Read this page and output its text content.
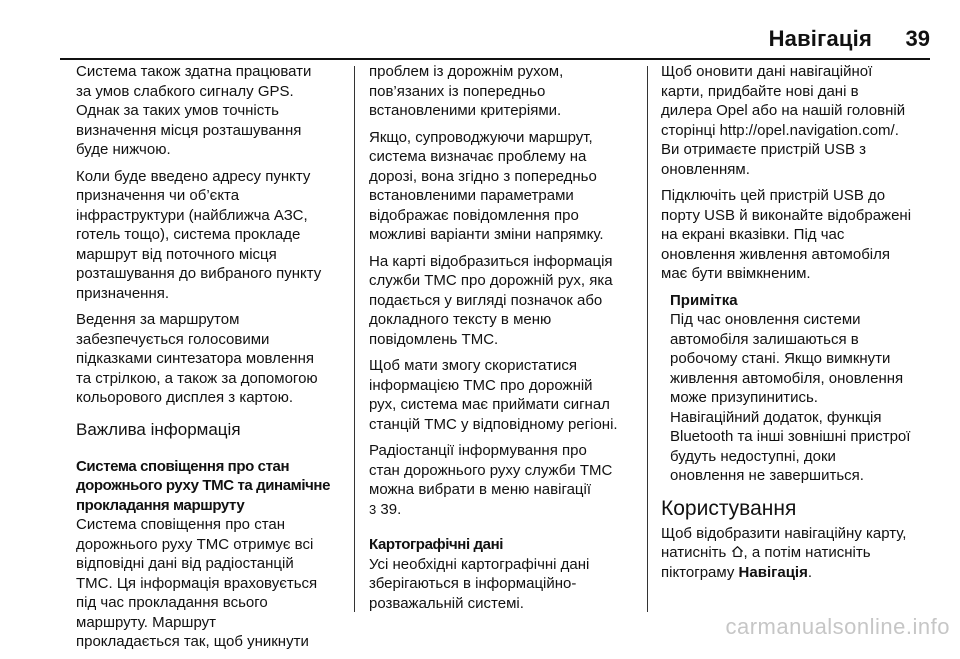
Навігація 39

Система також здатна працювати
за умов слабкого сигналу GPS.
Однак за таких умов точність
визначення місця розташування
буде нижчою.

Коли буде введено адресу пункту
призначення чи об’єкта
інфраструктури (найближча АЗС,
готель тощо), система прокладе
маршрут від поточного місця
розташування до вибраного пункту
призначення.

Ведення за маршрутом
забезпечується голосовими
підказками синтезатора мовлення
та стрілкою, а також за допомогою
кольорового дисплея з картою.

Важлива інформація
Система сповіщення про стан
дорожнього руху TMC та динамічне
прокладання маршруту

Система сповіщення про стан
дорожнього руху TMC отримує всі
відповідні дані від радіостанцій
TMC. Ця інформація враховується
під час прокладання всього
маршруту. Маршрут
прокладається так, щоб уникнути

проблем із дорожнім рухом,
пов’язаних із попередньо
встановленими критеріями.

Якщо, супроводжуючи маршрут,
система визначає проблему на
дорозі, вона згідно з попередньо
встановленими параметрами
відображає повідомлення про
можливі варіанти зміни напрямку.

На карті відобразиться інформація
служби TMC про дорожній рух, яка
подається у вигляді позначок або
докладного тексту в меню
повідомлень TMC.

Щоб мати змогу скористатися
інформацією TMC про дорожній
рух, система має приймати сигнал
станцій TMC у відповідному регіоні.

Радіостанції інформування про
стан дорожнього руху служби TMC
можна вибрати в меню навігації
3 39.

Картографічні дані

Усі необхідні картографічні дані
зберігаються в інформаційно-
розважальній системі.

Щоб оновити дані навігаційної
карти, придбайте нові дані в
дилера Opel або на нашій головній
сторінці http://opel.navigation.com/.
Ви отримаєте пристрій USB з
оновленням.

Підключіть цей пристрій USB до
порту USB й виконайте відображені
на екрані вказівки. Під час
оновлення живлення автомобіля
має бути ввімкненим.

Примітка

Під час оновлення системи
автомобіля залишаються в
робочому стані. Якщо вимкнути
живлення автомобіля, оновлення
може призупинитись.

Навігаційний додаток, функція
Bluetooth та інші зовнішні пристрої
будуть недоступні, доки
оновлення не завершиться.

Користування

Щоб відобразити навігаційну карту,
натисніть , а потім натисніть
піктограму Навігація.

carmanualsonline.info
